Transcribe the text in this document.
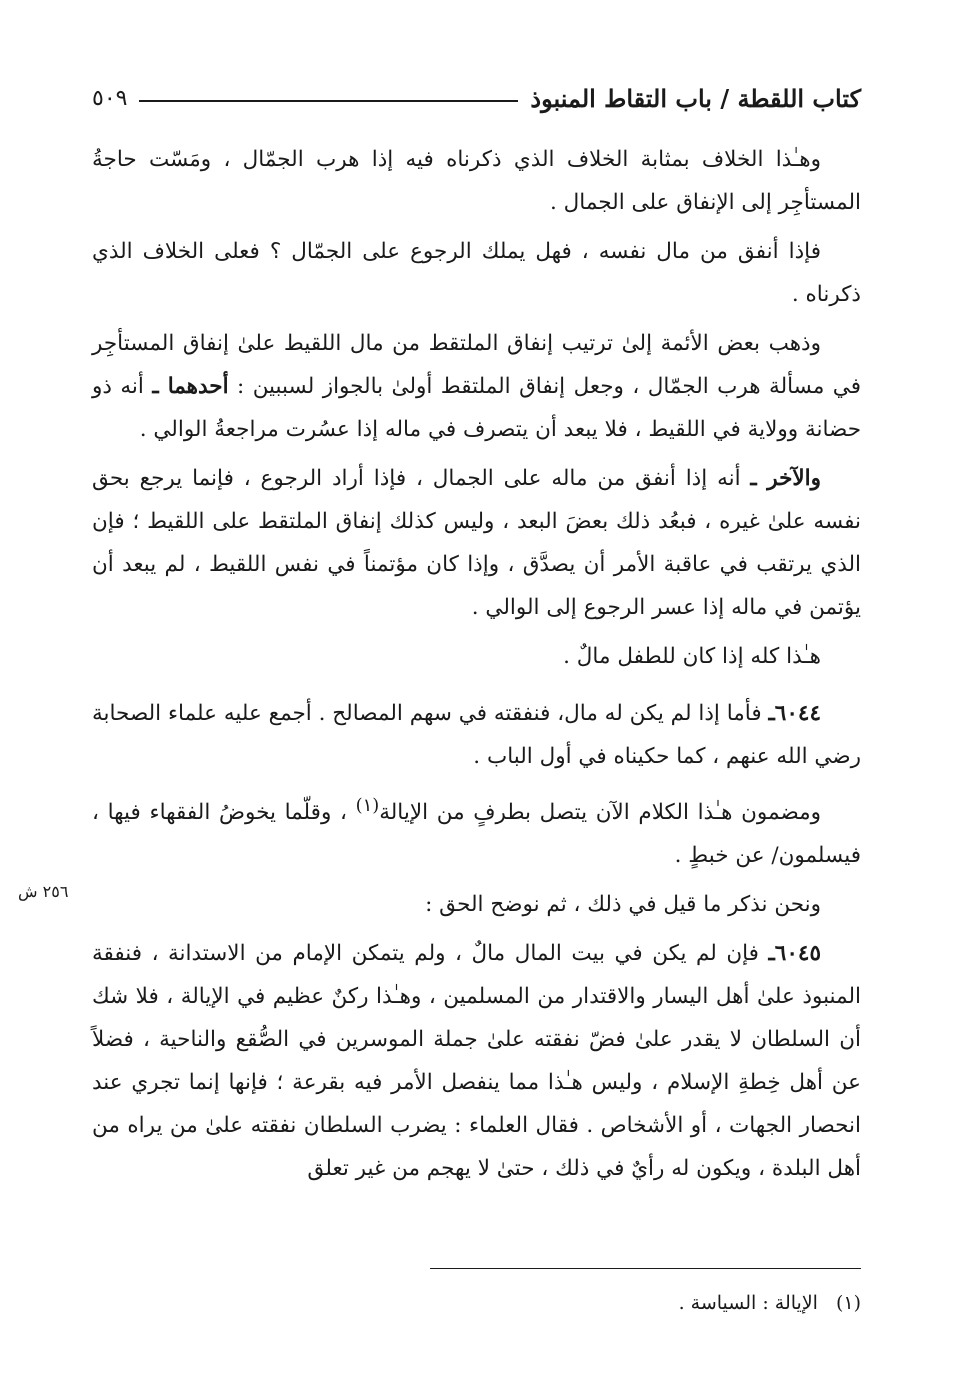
كتاب اللقطة / باب التقاط المنبوذ
٥٠٩

وهـٰذا الخلاف بمثابة الخلاف الذي ذكرناه فيه إذا هرب الجمّال ، ومَسّت حاجةُ المستأجِر إلى الإنفاق على الجمال .

فإذا أنفق من مال نفسه ، فهل يملك الرجوع على الجمّال ؟ فعلى الخلاف الذي ذكرناه .

وذهب بعض الأئمة إلىٰ ترتيب إنفاق الملتقط من مال اللقيط علىٰ إنفاق المستأجِر في مسألة هرب الجمّال ، وجعل إنفاق الملتقط أولىٰ بالجواز لسببين : أحدهما ـ أنه ذو حضانة وولاية في اللقيط ، فلا يبعد أن يتصرف في ماله إذا عسُرت مراجعةُ الوالي .

والآخر ـ أنه إذا أنفق من ماله على الجمال ، فإذا أراد الرجوع ، فإنما يرجع بحق نفسه علىٰ غيره ، فبعُد ذلك بعضَ البعد ، وليس كذلك إنفاق الملتقط على اللقيط ؛ فإن الذي يرتقب في عاقبة الأمر أن يصدَّق ، وإذا كان مؤتمناً في نفس اللقيط ، لم يبعد أن يؤتمن في ماله إذا عسر الرجوع إلى الوالي .

هـٰذا كله إذا كان للطفل مالٌ .

٦٠٤٤ـ فأما إذا لم يكن له مال، فنفقته في سهم المصالح . أجمع عليه علماء الصحابة رضي الله عنهم ، كما حكيناه في أول الباب .

ومضمون هـٰذا الكلام الآن يتصل بطرفٍ من الإيالة$^{(١)}$ ، وقلّما يخوضُ الفقهاء فيها ، فيسلمون/ عن خبطٍ .

ونحن نذكر ما قيل في ذلك ، ثم نوضح الحق :

٦٠٤٥ـ فإن لم يكن في بيت المال مالٌ ، ولم يتمكن الإمام من الاستدانة ، فنفقة المنبوذ علىٰ أهل اليسار والاقتدار من المسلمين ، وهـٰذا ركنٌ عظيم في الإيالة ، فلا شك أن السلطان لا يقدر علىٰ فضّ نفقته علىٰ جملة الموسرين في الصُّقع والناحية ، فضلاً عن أهل خِطةِ الإسلام ، وليس هـٰذا مما ينفصل الأمر فيه بقرعة ؛ فإنها إنما تجري عند انحصار الجهات ، أو الأشخاص . فقال العلماء : يضرب السلطان نفقته علىٰ من يراه من أهل البلدة ، ويكون له رأيٌ في ذلك ، حتىٰ لا يهجم من غير تعلق

٢٥٦ ش
(١)الإيالة : السياسة .
